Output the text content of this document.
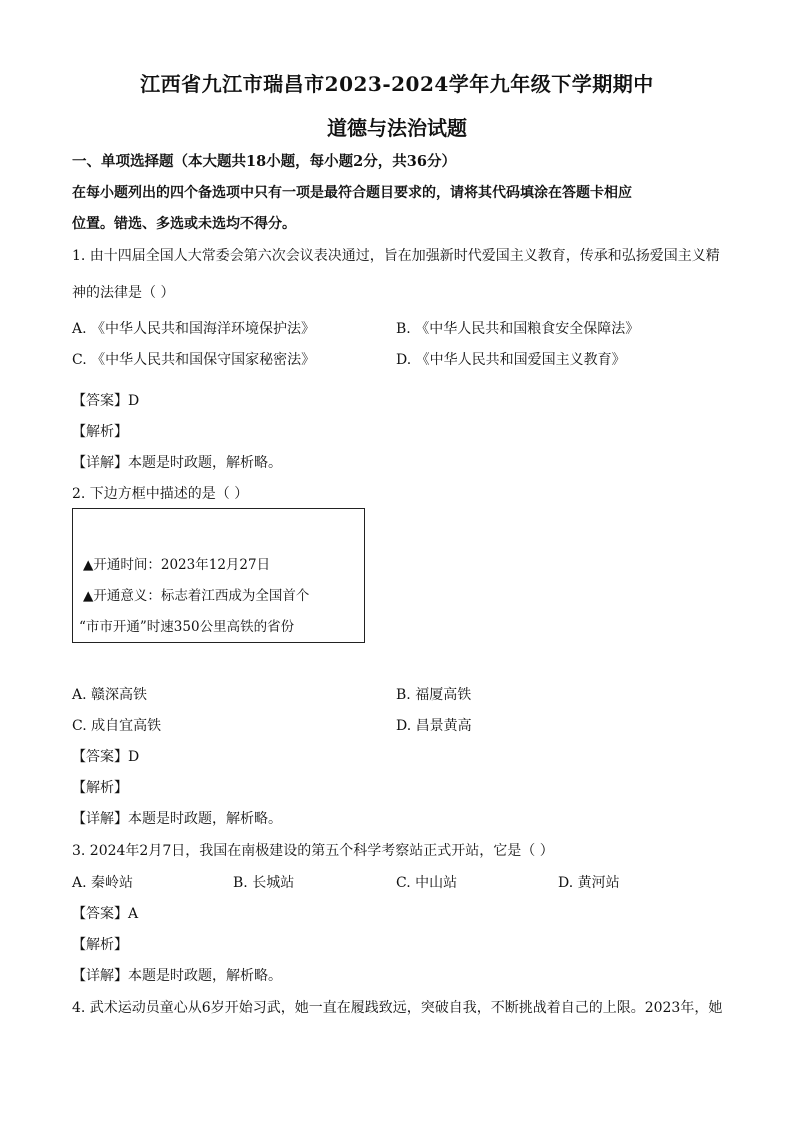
江西省九江市瑞昌市2023-2024学年九年级下学期期中
道德与法治试题
一、单项选择题（本大题共18小题，每小题2分，共36分）
在每小题列出的四个备选项中只有一项是最符合题目要求的，请将其代码填涂在答题卡相应
位置。错选、多选或未选均不得分。
1. 由十四届全国人大常委会第六次会议表决通过，旨在加强新时代爱国主义教育，传承和弘扬爱国主义精
神的法律是（ ）
A. 《中华人民共和国海洋环境保护法》	B. 《中华人民共和国粮食安全保障法》
C. 《中华人民共和国保守国家秘密法》	D. 《中华人民共和国爱国主义教育》
【答案】D
【解析】
【详解】本题是时政题，解析略。
2. 下边方框中描述的是（ ）
▲开通时间：2023年12月27日
▲开通意义：标志着江西成为全国首个
“市市开通”时速350公里高铁的省份
A. 赣深高铁	B. 福厦高铁
C. 成自宜高铁	D. 昌景黄高
【答案】D
【解析】
【详解】本题是时政题，解析略。
3. 2024年2月7日，我国在南极建设的第五个科学考察站正式开站，它是（ ）
A. 秦岭站	B. 长城站	C. 中山站	D. 黄河站
【答案】A
【解析】
【详解】本题是时政题，解析略。
4. 武术运动员童心从6岁开始习武，她一直在履践致远，突破自我，不断挑战着自己的上限。2023年，她
